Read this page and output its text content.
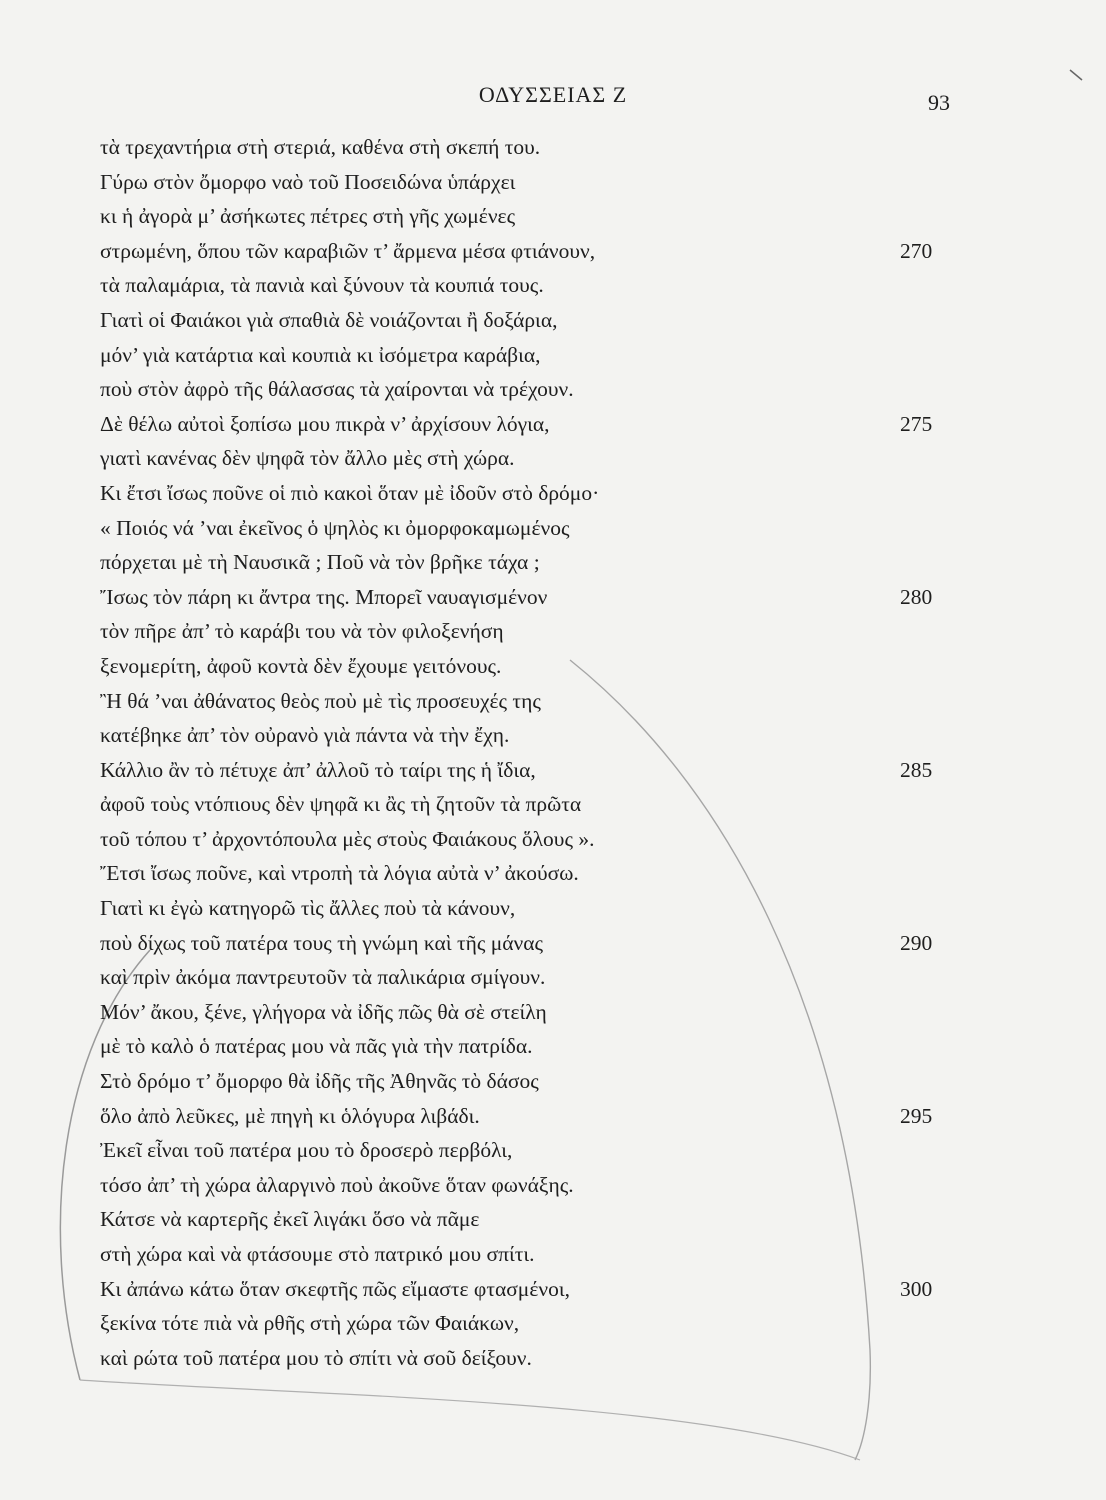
ΟΔΥΣΣΕΙΑΣ Ζ	93
τὰ τρεχαντήρια στὴ στεριά, καθένα στὴ σκεπή του.
Γύρω στὸν ὄμορφο ναὸ τοῦ Ποσειδώνα ὑπάρχει
κι ἡ ἀγορὰ μ’ ἀσήκωτες πέτρες στὴ γῆς χωμένες
στρωμένη, ὅπου τῶν καραβιῶν τ’ ἄρμενα μέσα φτιάνουν,	270
τὰ παλαμάρια, τὰ πανιὰ καὶ ξύνουν τὰ κουπιά τους.
Γιατὶ οἱ Φαιάκοι γιὰ σπαθιὰ δὲ νοιάζονται ἢ δοξάρια,
μόν’ γιὰ κατάρτια καὶ κουπιὰ κι ἰσόμετρα καράβια,
ποὺ στὸν ἀφρὸ τῆς θάλασσας τὰ χαίρονται νὰ τρέχουν.
Δὲ θέλω αὐτοὶ ξοπίσω μου πικρὰ ν’ ἀρχίσουν λόγια,	275
γιατὶ κανένας δὲν ψηφᾶ τὸν ἄλλο μὲς στὴ χώρα.
Κι ἔτσι ἴσως ποῦνε οἱ πιὸ κακοὶ ὅταν μὲ ἰδοῦν στὸ δρόμο·
« Ποιός νά ’ναι ἐκεῖνος ὁ ψηλὸς κι ὀμορφοκαμωμένος
πόρχεται μὲ τὴ Ναυσικᾶ ; Ποῦ νὰ τὸν βρῆκε τάχα ;
Ἴσως τὸν πάρη κι ἄντρα της. Μπορεῖ ναυαγισμένον	280
τὸν πῆρε ἀπ’ τὸ καράβι του νὰ τὸν φιλοξενήση
ξενομερίτη, ἀφοῦ κοντὰ δὲν ἔχουμε γειτόνους.
Ἢ θά ’ναι ἀθάνατος θεὸς ποὺ μὲ τὶς προσευχές της
κατέβηκε ἀπ’ τὸν οὐρανὸ γιὰ πάντα νὰ τὴν ἔχη.
Κάλλιο ἂν τὸ πέτυχε ἀπ’ ἀλλοῦ τὸ ταίρι της ἡ ἴδια,	285
ἀφοῦ τοὺς ντόπιους δὲν ψηφᾶ κι ἂς τὴ ζητοῦν τὰ πρῶτα
τοῦ τόπου τ’ ἀρχοντόπουλα μὲς στοὺς Φαιάκους ὅλους ».
Ἔτσι ἴσως ποῦνε, καὶ ντροπὴ τὰ λόγια αὐτὰ ν’ ἀκούσω.
Γιατὶ κι ἐγὼ κατηγορῶ τὶς ἄλλες ποὺ τὰ κάνουν,
ποὺ δίχως τοῦ πατέρα τους τὴ γνώμη καὶ τῆς μάνας	290
καὶ πρὶν ἀκόμα παντρευτοῦν τὰ παλικάρια σμίγουν.
Μόν’ ἄκου, ξένε, γλήγορα νὰ ἰδῆς πῶς θὰ σὲ στείλη
μὲ τὸ καλὸ ὁ πατέρας μου νὰ πᾶς γιὰ τὴν πατρίδα.
Στὸ δρόμο τ’ ὄμορφο θὰ ἰδῆς τῆς Ἀθηνᾶς τὸ δάσος
ὅλο ἀπὸ λεῦκες, μὲ πηγὴ κι ὁλόγυρα λιβάδι.	295
Ἐκεῖ εἶναι τοῦ πατέρα μου τὸ δροσερὸ περβόλι,
τόσο ἀπ’ τὴ χώρα ἀλαργινὸ ποὺ ἀκοῦνε ὅταν φωνάξης.
Κάτσε νὰ καρτερῆς ἐκεῖ λιγάκι ὅσο νὰ πᾶμε
στὴ χώρα καὶ νὰ φτάσουμε στὸ πατρικό μου σπίτι.
Κι ἀπάνω κάτω ὅταν σκεφτῆς πῶς εἴμαστε φτασμένοι,	300
ξεκίνα τότε πιὰ νὰ ρθῆς στὴ χώρα τῶν Φαιάκων,
καὶ ρώτα τοῦ πατέρα μου τὸ σπίτι νὰ σοῦ δείξουν.
